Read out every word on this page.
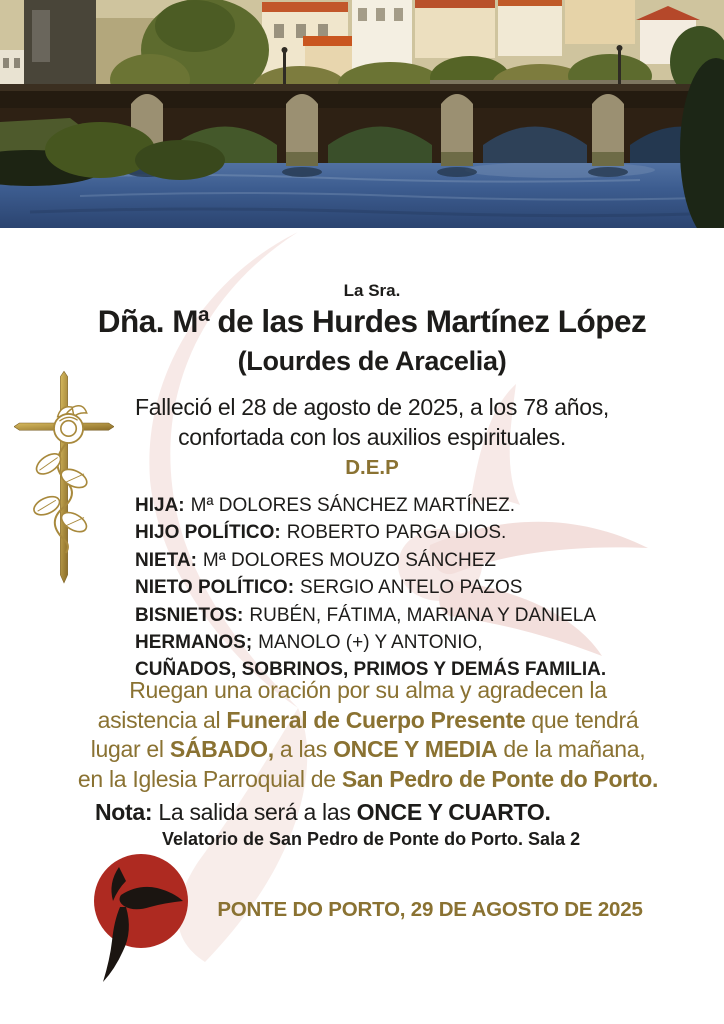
La Sra.
Dña. Mª de las Hurdes Martínez López
(Lourdes de Aracelia)
Falleció el 28 de agosto de 2025, a los 78 años,
confortada con los auxilios espirituales.
D.E.P
HIJA: Mª DOLORES SÁNCHEZ MARTÍNEZ.
HIJO POLÍTICO: ROBERTO PARGA DIOS.
NIETA: Mª DOLORES MOUZO SÁNCHEZ
NIETO POLÍTICO: SERGIO ANTELO PAZOS
BISNIETOS: RUBÉN, FÁTIMA, MARIANA Y DANIELA
HERMANOS; MANOLO (+) Y ANTONIO,
CUÑADOS, SOBRINOS, PRIMOS Y DEMÁS FAMILIA.
Ruegan una oración por su alma y agradecen la
asistencia al Funeral de Cuerpo Presente que tendrá
lugar el SÁBADO, a las ONCE Y MEDIA de la mañana,
en la Iglesia Parroquial de San Pedro de Ponte do Porto.
Nota: La salida será a las ONCE Y CUARTO.
Velatorio de San Pedro de Ponte do Porto. Sala 2
PONTE DO PORTO, 29 DE AGOSTO DE 2025
